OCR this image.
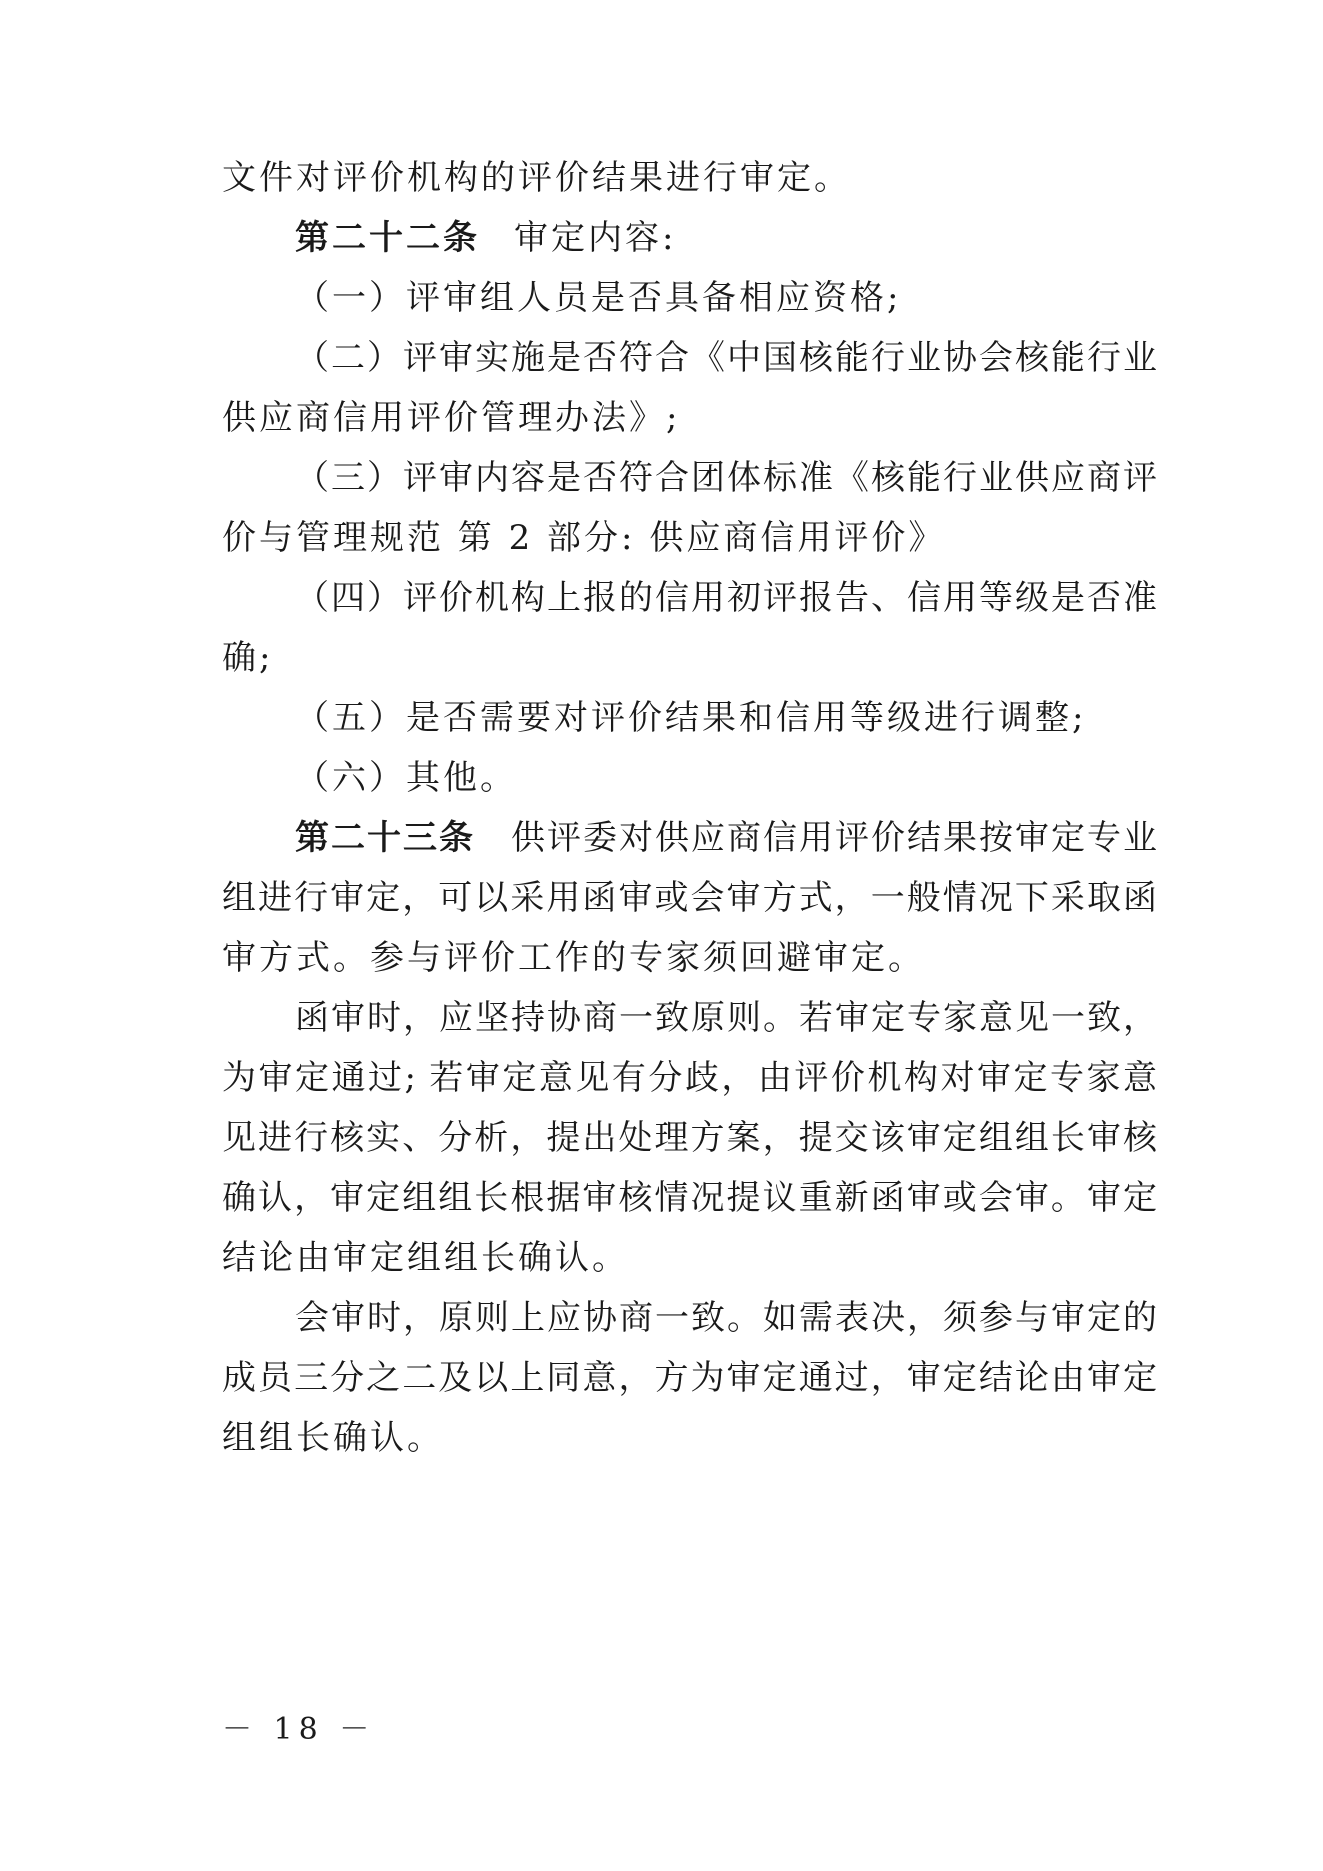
文件对评价机构的评价结果进行审定。
第二十二条 审定内容:
（一）评审组人员是否具备相应资格;
（二）评审实施是否符合《中国核能行业协会核能行业
供应商信用评价管理办法》;
（三）评审内容是否符合团体标准《核能行业供应商评
价与管理规范 第 2 部分: 供应商信用评价》
（四）评价机构上报的信用初评报告、信用等级是否准
确;
（五）是否需要对评价结果和信用等级进行调整;
（六）其他。
第二十三条 供评委对供应商信用评价结果按审定专业
组进行审定，可以采用函审或会审方式，一般情况下采取函
审方式。参与评价工作的专家须回避审定。
函审时，应坚持协商一致原则。若审定专家意见一致，
为审定通过; 若审定意见有分歧，由评价机构对审定专家意
见进行核实、分析，提出处理方案，提交该审定组组长审核
确认，审定组组长根据审核情况提议重新函审或会审。审定
结论由审定组组长确认。
会审时，原则上应协商一致。如需表决，须参与审定的
成员三分之二及以上同意，方为审定通过，审定结论由审定
组组长确认。
－ 18 －
